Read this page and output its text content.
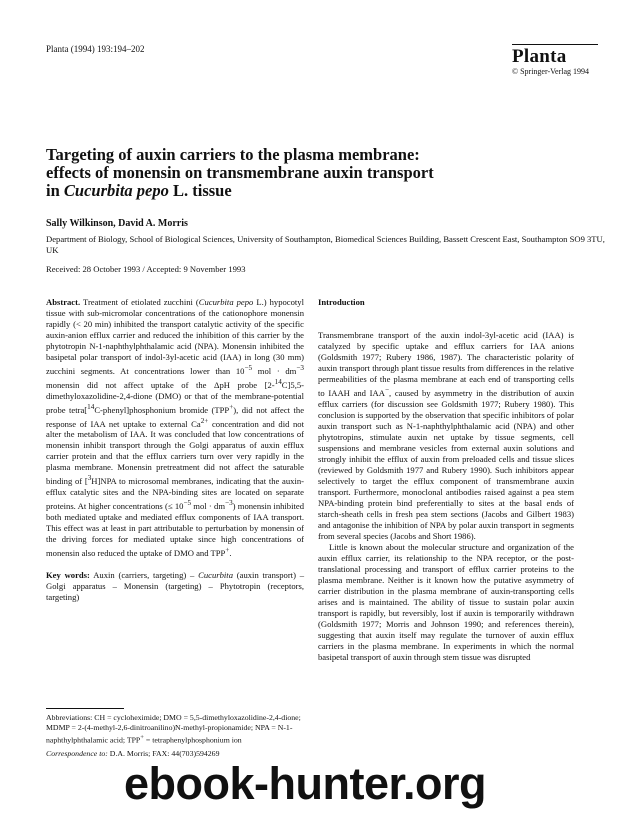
Planta (1994) 193:194–202	Planta
© Springer-Verlag 1994
Targeting of auxin carriers to the plasma membrane:
effects of monensin on transmembrane auxin transport
in Cucurbita pepo L. tissue
Sally Wilkinson, David A. Morris
Department of Biology, School of Biological Sciences, University of Southampton, Biomedical Sciences Building, Bassett Crescent East, Southampton SO9 3TU, UK
Received: 28 October 1993 / Accepted: 9 November 1993

Abstract. Treatment of etiolated zucchini (Cucurbita pepo L.) hypocotyl tissue with sub-micromolar concentrations of the cationophore monensin rapidly (< 20 min) inhibited the transport catalytic activity of the specific auxin-anion efflux carrier and reduced the inhibition of this carrier by the phytotropin N-1-naphthylphthalamic acid (NPA). Monensin inhibited the basipetal polar transport of indol-3yl-acetic acid (IAA) in long (30 mm) zucchini segments. At concentrations lower than $10^{-5}$ mol · $dm^{-3}$ monensin did not affect uptake of the ΔpH probe [2-$^{14}$C]5,5-dimethyloxazolidine-2,4-dione (DMO) or that of the membrane-potential probe tetra[$^{14}$C-phenyl]phosphonium bromide (TPP+), did not affect the response of IAA net uptake to external $Ca^{2+}$ concentration and did not alter the metabolism of IAA. It was concluded that low concentrations of monensin inhibit transport through the Golgi apparatus of auxin efflux carrier protein and that the efflux carriers turn over very rapidly in the plasma membrane. Monensin pretreatment did not affect the saturable binding of [$^3$H]NPA to microsomal membranes, indicating that the auxin-efflux catalytic sites and the NPA-binding sites are located on separate proteins. At higher concentrations (≤ $10^{-5}$ mol · $dm^{-3}$) monensin inhibited both mediated uptake and mediated efflux components of IAA transport. This effect was at least in part attributable to perturbation by monensin of the driving forces for mediated uptake since high concentrations of monensin also reduced the uptake of DMO and TPP+.

Key words: Auxin (carriers, targeting) – Cucurbita (auxin transport) – Golgi apparatus – Monensin (targeting) – Phytotropin (receptors, targeting)

Abbreviations: CH = cycloheximide; DMO = 5,5-dimethyloxazolidine-2,4-dione; MDMP = 2-(4-methyl-2,6-dinitroanilino)N-methyl-propionamide; NPA = N-1-naphthylphthalamic acid; TPP+ = tetraphenylphosphonium ion

Correspondence to: D.A. Morris; FAX: 44(703)594269

Introduction

Transmembrane transport of the auxin indol-3yl-acetic acid (IAA) is catalyzed by specific uptake and efflux carriers for IAA anions (Goldsmith 1977; Rubery 1986, 1987). The characteristic polarity of auxin transport through plant tissue results from differences in the relative permeabilities of the plasma membrane at each end of transporting cells to IAAH and IAA−, caused by asymmetry in the distribution of auxin efflux carriers (for discussion see Goldsmith 1977; Rubery 1980). This conclusion is supported by the observation that specific inhibitors of polar auxin transport such as N-1-naphthylphthalamic acid (NPA) and other phytotropins, stimulate auxin net uptake by tissue segments, cell suspensions and membrane vesicles from external auxin solutions and strongly inhibit the efflux of auxin from preloaded cells and tissue slices (reviewed by Goldsmith 1977 and Rubery 1990). Such inhibitors appear selectively to target the efflux component of transmembrane auxin transport. Furthermore, monoclonal antibodies raised against a pea stem NPA-binding protein bind preferentially to sites at the basal ends of starch-sheath cells in fresh pea stem sections (Jacobs and Gilbert 1983) and antagonise the inhibition of NPA by polar auxin transport in segments from several species (Jacobs and Short 1986).

Little is known about the molecular structure and organization of the auxin efflux carrier, its relationship to the NPA receptor, or the post-translational processing and transport of efflux carrier proteins to the plasma membrane. Neither is it known how the putative asymmetry of carrier distribution in the plasma membrane of auxin-transporting cells arises and is maintained. The ability of tissue to sustain polar auxin transport is rapidly, but reversibly, lost if auxin is temporarily withdrawn (Goldsmith 1977; Morris and Johnson 1990; and references therein), suggesting that auxin itself may regulate the turnover of auxin efflux carriers in the plasma membrane. In experiments in which the normal basipetal transport of auxin through stem tissue was disrupted

ebook-hunter.org
